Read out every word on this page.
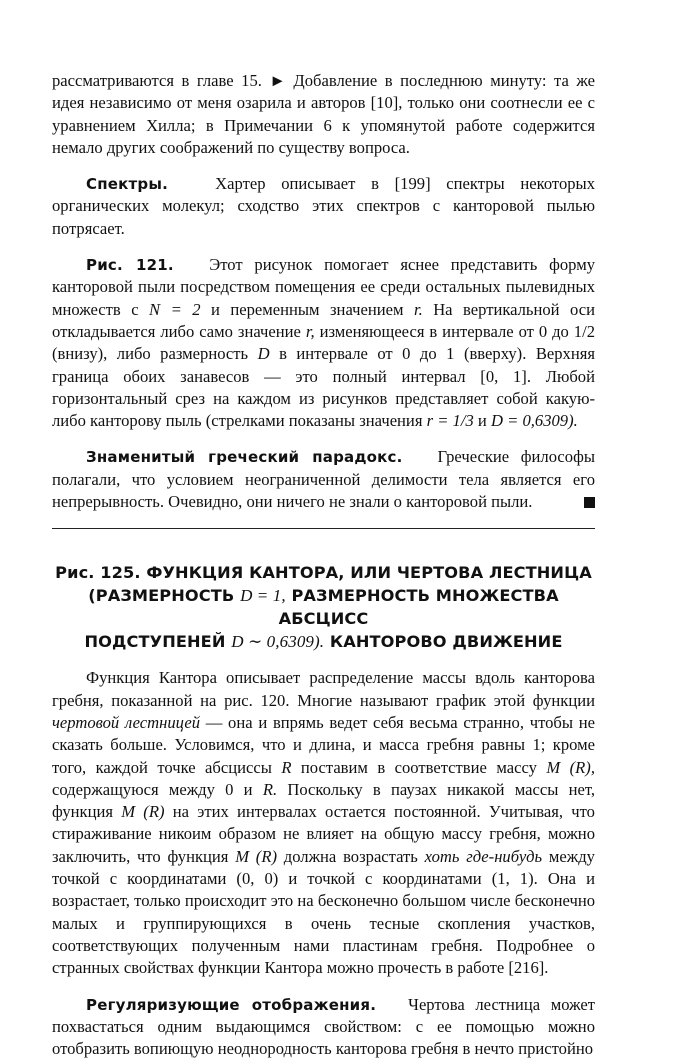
рассматриваются в главе 15. ► Добавление в последнюю минуту: та же идея независимо от меня озарила и авторов [10], только они соотнесли ее с уравнением Хилла; в Примечании 6 к упомянутой работе содержится немало других соображений по существу вопроса.

Спектры.	Хартер описывает в [199] спектры некоторых органических молекул; сходство этих спектров с канторовой пылью потрясает.

Рис. 121. Этот рисунок помогает яснее представить форму канторовой пыли посредством помещения ее среди остальных пылевидных множеств с N = 2 и переменным значением r. На вертикальной оси откладывается либо само значение r, изменяющееся в интервале от 0 до 1/2 (внизу), либо размерность D в интервале от 0 до 1 (вверху). Верхняя граница обоих занавесов — это полный интервал [0, 1]. Любой горизонтальный срез на каждом из рисунков представляет собой какую-либо канторову пыль (стрелками показаны значения r = 1/3 и D = 0,6309).

Знаменитый греческий парадокс. Греческие философы полагали, что условием неограниченной делимости тела является его непрерывность. Очевидно, они ничего не знали о канторовой пыли.

Рис. 125. ФУНКЦИЯ КАНТОРА, ИЛИ ЧЕРТОВА ЛЕСТНИЦА
(РАЗМЕРНОСТЬ D = 1, РАЗМЕРНОСТЬ МНОЖЕСТВА АБСЦИСС
ПОДСТУПЕНЕЙ D ∼ 0,6309). КАНТОРОВО ДВИЖЕНИЕ

Функция Кантора описывает распределение массы вдоль канторова гребня, показанной на рис. 120. Многие называют график этой функции чертовой лестницей — она и впрямь ведет себя весьма странно, чтобы не сказать больше. Условимся, что и длина, и масса гребня равны 1; кроме того, каждой точке абсциссы R поставим в соответствие массу M (R), содержащуюся между 0 и R. Поскольку в паузах никакой массы нет, функция M (R) на этих интервалах остается постоянной. Учитывая, что стираживание никоим образом не влияет на общую массу гребня, можно заключить, что функция M (R) должна возрастать хоть где-нибудь между точкой с координатами (0, 0) и точкой с координатами (1, 1). Она и возрастает, только происходит это на бесконечно большом числе бесконечно малых и группирующихся в очень тесные скопления участков, соответствующих полученным нами пластинам гребня. Подробнее о странных свойствах функции Кантора можно прочесть в работе [216].

Регуляризующие отображения. Чертова лестница может похвастаться одним выдающимся свойством: с ее помощью можно отобразить вопиющую неоднородность канторова гребня в нечто пристойно
